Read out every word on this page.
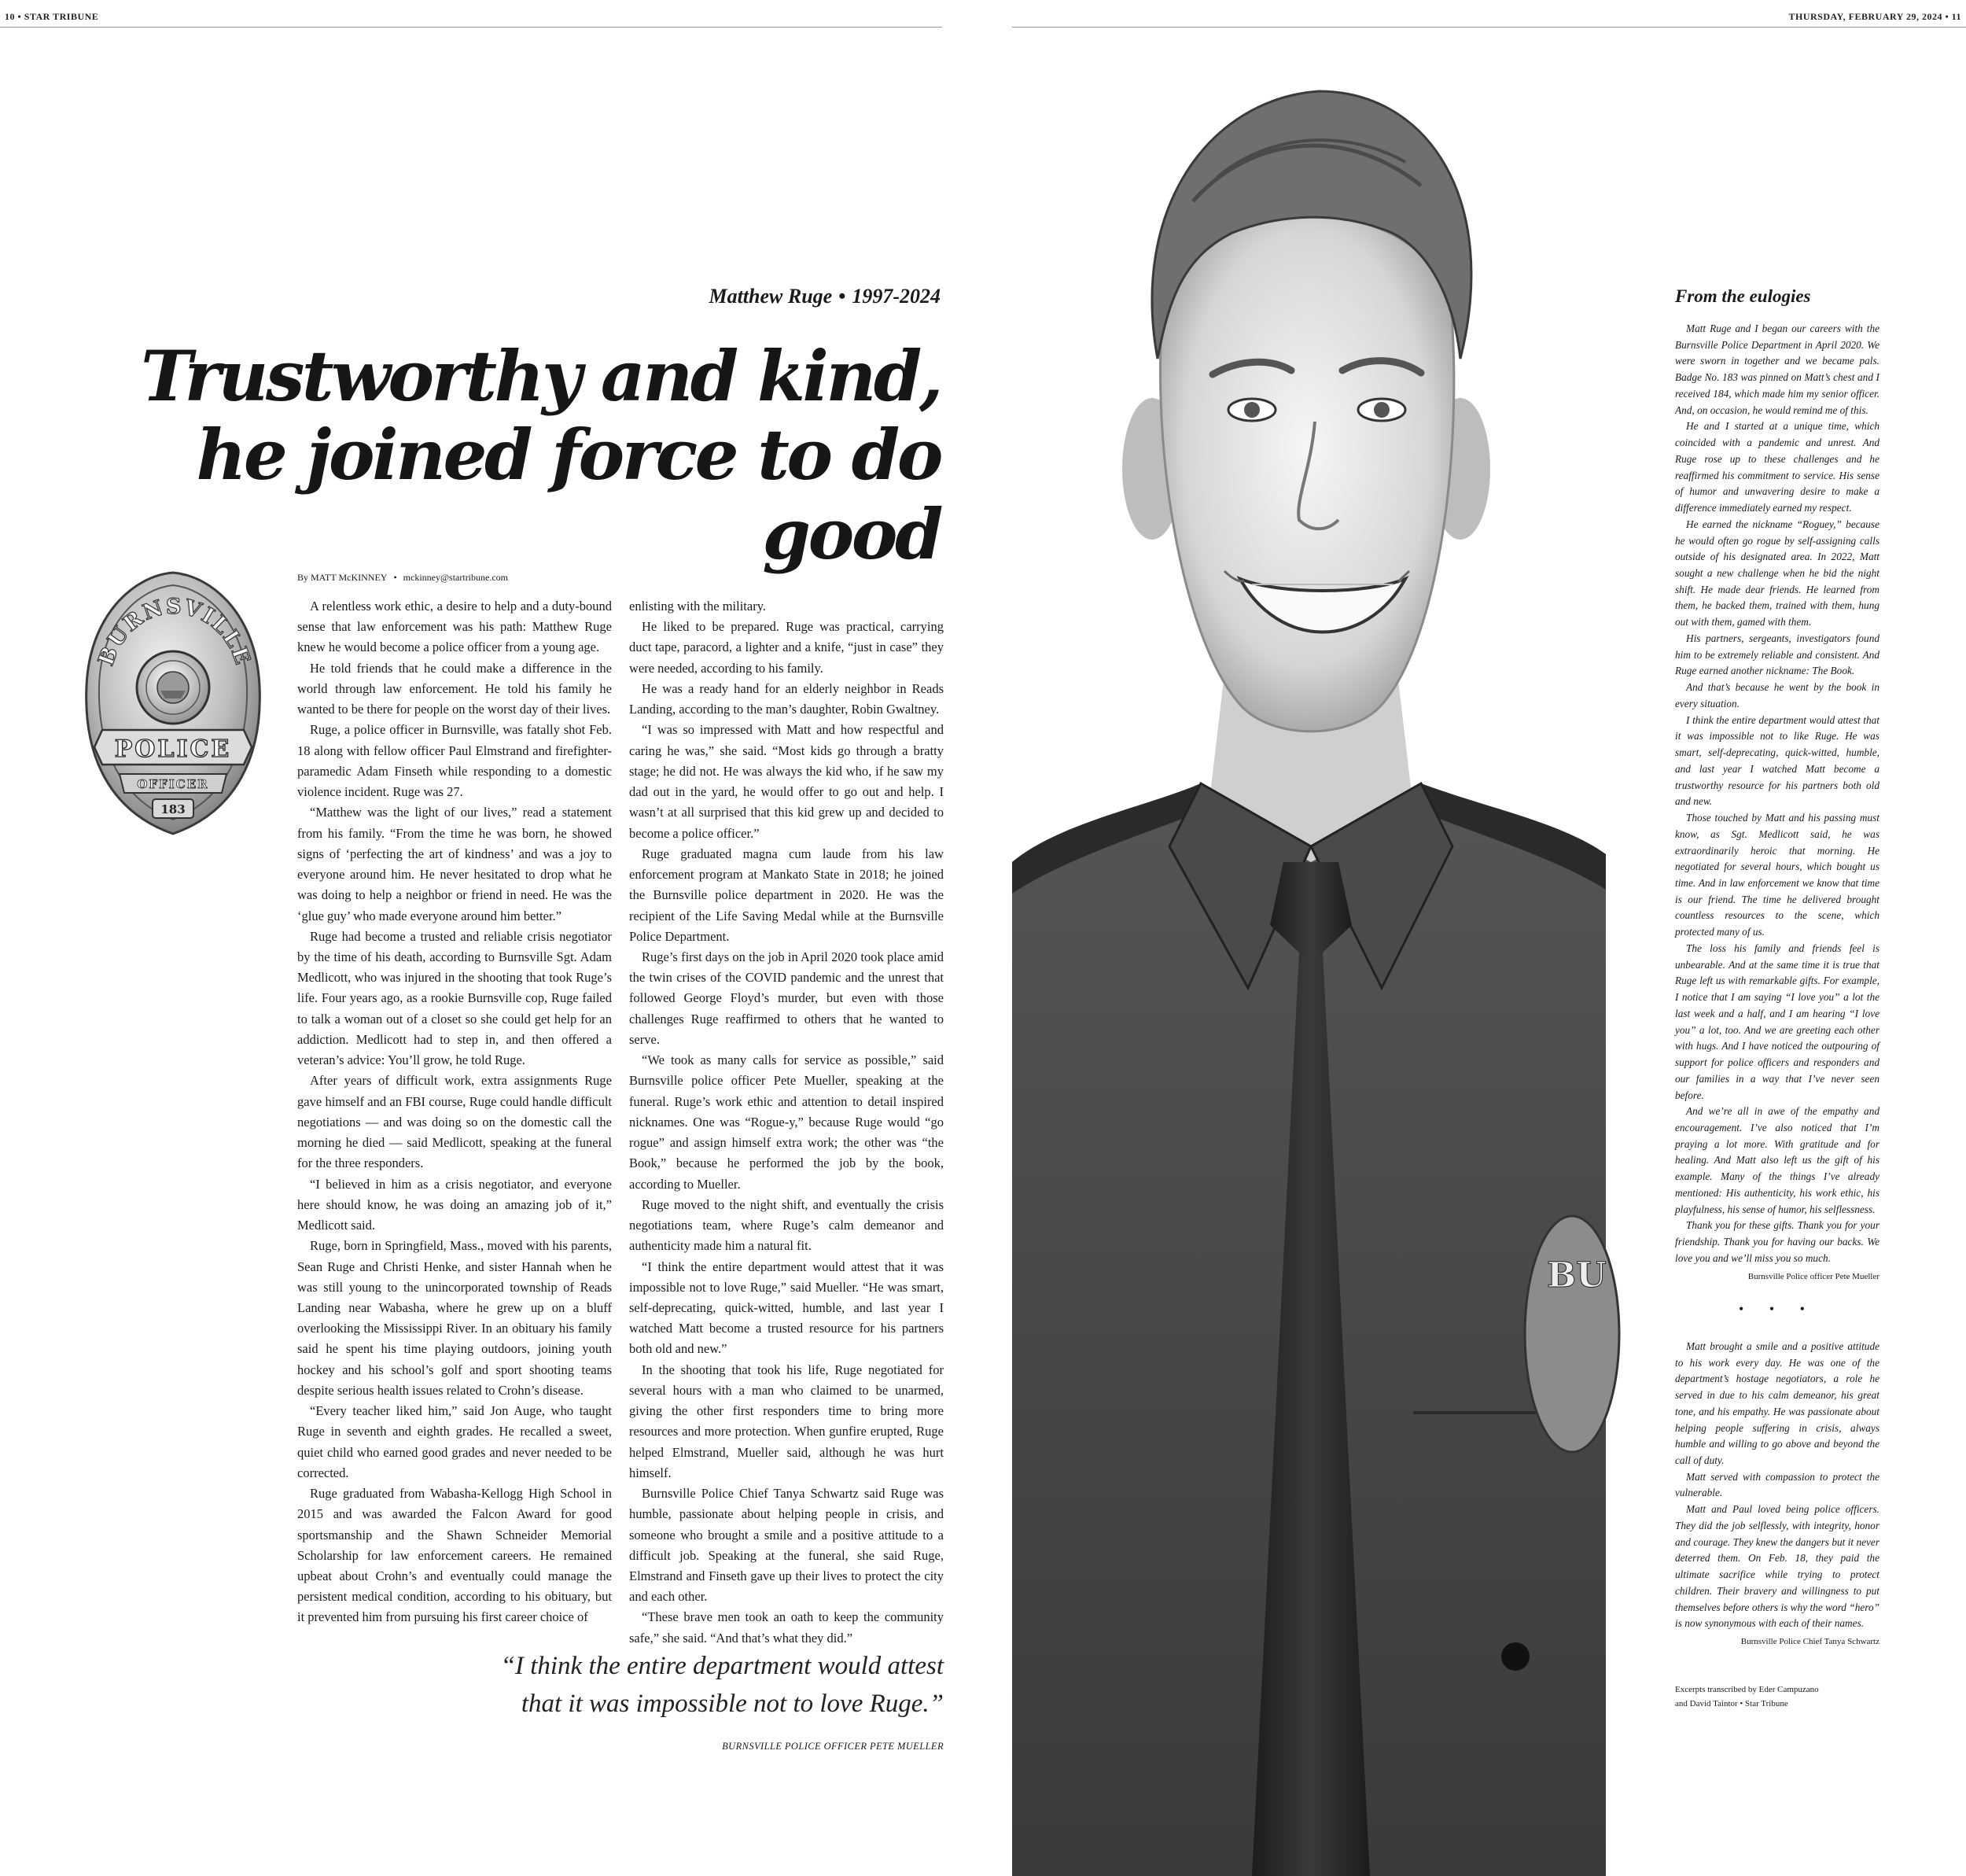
10 • STAR TRIBUNE	THURSDAY, FEBRUARY 29, 2024 • 11
Matthew Ruge • 1997-2024
Trustworthy and kind,
he joined force to do good
By MATT McKINNEY • mckinney@startribune.com
BURNSVILLE
POLICE
OFFICER
183

A relentless work ethic, a desire to help and a duty-bound sense that law enforcement was his path: Matthew Ruge knew he would become a police officer from a young age.

He told friends that he could make a difference in the world through law enforcement. He told his family he wanted to be there for people on the worst day of their lives.

Ruge, a police officer in Burnsville, was fatally shot Feb. 18 along with fellow officer Paul Elmstrand and firefighter-paramedic Adam Finseth while responding to a domestic violence incident. Ruge was 27.

“Matthew was the light of our lives,” read a statement from his family. “From the time he was born, he showed signs of ‘perfecting the art of kindness’ and was a joy to everyone around him. He never hesitated to drop what he was doing to help a neighbor or friend in need. He was the ‘glue guy’ who made everyone around him better.”

Ruge had become a trusted and reliable crisis negotiator by the time of his death, according to Burnsville Sgt. Adam Medlicott, who was injured in the shooting that took Ruge’s life. Four years ago, as a rookie Burnsville cop, Ruge failed to talk a woman out of a closet so she could get help for an addiction. Medlicott had to step in, and then offered a veteran’s advice: You’ll grow, he told Ruge.

After years of difficult work, extra assignments Ruge gave himself and an FBI course, Ruge could handle difficult negotiations — and was doing so on the domestic call the morning he died — said Medlicott, speaking at the funeral for the three responders.

“I believed in him as a crisis negotiator, and everyone here should know, he was doing an amazing job of it,” Medlicott said.

Ruge, born in Springfield, Mass., moved with his parents, Sean Ruge and Christi Henke, and sister Hannah when he was still young to the unincorporated township of Reads Landing near Wabasha, where he grew up on a bluff overlooking the Mississippi River. In an obituary his family said he spent his time playing outdoors, joining youth hockey and his school’s golf and sport shooting teams despite serious health issues related to Crohn’s disease.

“Every teacher liked him,” said Jon Auge, who taught Ruge in seventh and eighth grades. He recalled a sweet, quiet child who earned good grades and never needed to be corrected.

Ruge graduated from Wabasha-Kellogg High School in 2015 and was awarded the Falcon Award for good sportsmanship and the Shawn Schneider Memorial Scholarship for law enforcement careers. He remained upbeat about Crohn’s and eventually could manage the persistent medical condition, according to his obituary, but it prevented him from pursuing his first career choice of

enlisting with the military.

He liked to be prepared. Ruge was practical, carrying duct tape, paracord, a lighter and a knife, “just in case” they were needed, according to his family.

He was a ready hand for an elderly neighbor in Reads Landing, according to the man’s daughter, Robin Gwaltney.

“I was so impressed with Matt and how respectful and caring he was,” she said. “Most kids go through a bratty stage; he did not. He was always the kid who, if he saw my dad out in the yard, he would offer to go out and help. I wasn’t at all surprised that this kid grew up and decided to become a police officer.”

Ruge graduated magna cum laude from his law enforcement program at Mankato State in 2018; he joined the Burnsville police department in 2020. He was the recipient of the Life Saving Medal while at the Burnsville Police Department.

Ruge’s first days on the job in April 2020 took place amid the twin crises of the COVID pandemic and the unrest that followed George Floyd’s murder, but even with those challenges Ruge reaffirmed to others that he wanted to serve.

“We took as many calls for service as possible,” said Burnsville police officer Pete Mueller, speaking at the funeral. Ruge’s work ethic and attention to detail inspired nicknames. One was “Rogue-y,” because Ruge would “go rogue” and assign himself extra work; the other was “the Book,” because he performed the job by the book, according to Mueller.

Ruge moved to the night shift, and eventually the crisis negotiations team, where Ruge’s calm demeanor and authenticity made him a natural fit.

“I think the entire department would attest that it was impossible not to love Ruge,” said Mueller. “He was smart, self-deprecating, quick-witted, humble, and last year I watched Matt become a trusted resource for his partners both old and new.”

In the shooting that took his life, Ruge negotiated for several hours with a man who claimed to be unarmed, giving the other first responders time to bring more resources and more protection. When gunfire erupted, Ruge helped Elmstrand, Mueller said, although he was hurt himself.

Burnsville Police Chief Tanya Schwartz said Ruge was humble, passionate about helping people in crisis, and someone who brought a smile and a positive attitude to a difficult job. Speaking at the funeral, she said Ruge, Elmstrand and Finseth gave up their lives to protect the city and each other.

“These brave men took an oath to keep the community safe,” she said. “And that’s what they did.”

“I think the entire department would attest
that it was impossible not to love Ruge.”
BURNSVILLE POLICE OFFICER PETE MUELLER
BU
From the eulogies

Matt Ruge and I began our careers with the Burnsville Police Department in April 2020. We were sworn in together and we became pals. Badge No. 183 was pinned on Matt’s chest and I received 184, which made him my senior officer. And, on occasion, he would remind me of this.

He and I started at a unique time, which coincided with a pandemic and unrest. And Ruge rose up to these challenges and he reaffirmed his commitment to service. His sense of humor and unwavering desire to make a difference immediately earned my respect.

He earned the nickname “Roguey,” because he would often go rogue by self-assigning calls outside of his designated area. In 2022, Matt sought a new challenge when he bid the night shift. He made dear friends. He learned from them, he backed them, trained with them, hung out with them, gamed with them.

His partners, sergeants, investigators found him to be extremely reliable and consistent. And Ruge earned another nickname: The Book.

And that’s because he went by the book in every situation.

I think the entire department would attest that it was impossible not to like Ruge. He was smart, self-deprecating, quick-witted, humble, and last year I watched Matt become a trustworthy resource for his partners both old and new.

Those touched by Matt and his passing must know, as Sgt. Medlicott said, he was extraordinarily heroic that morning. He negotiated for several hours, which bought us time. And in law enforcement we know that time is our friend. The time he delivered brought countless resources to the scene, which protected many of us.

The loss his family and friends feel is unbearable. And at the same time it is true that Ruge left us with remarkable gifts. For example, I notice that I am saying “I love you” a lot the last week and a half, and I am hearing “I love you” a lot, too. And we are greeting each other with hugs. And I have noticed the outpouring of support for police officers and responders and our families in a way that I’ve never seen before.

And we’re all in awe of the empathy and encouragement. I’ve also noticed that I’m praying a lot more. With gratitude and for healing. And Matt also left us the gift of his example. Many of the things I’ve already mentioned: His authenticity, his work ethic, his playfulness, his sense of humor, his selflessness.

Thank you for these gifts. Thank you for your friendship. Thank you for having our backs. We love you and we’ll miss you so much.

Burnsville Police officer Pete Mueller
• • •

Matt brought a smile and a positive attitude to his work every day. He was one of the department’s hostage negotiators, a role he served in due to his calm demeanor, his great tone, and his empathy. He was passionate about helping people suffering in crisis, always humble and willing to go above and beyond the call of duty.

Matt served with compassion to protect the vulnerable.

Matt and Paul loved being police officers. They did the job selflessly, with integrity, honor and courage. They knew the dangers but it never deterred them. On Feb. 18, they paid the ultimate sacrifice while trying to protect children. Their bravery and willingness to put themselves before others is why the word “hero” is now synonymous with each of their names.

Burnsville Police Chief Tanya Schwartz
Excerpts transcribed by Eder Campuzano
and David Taintor • Star Tribune
